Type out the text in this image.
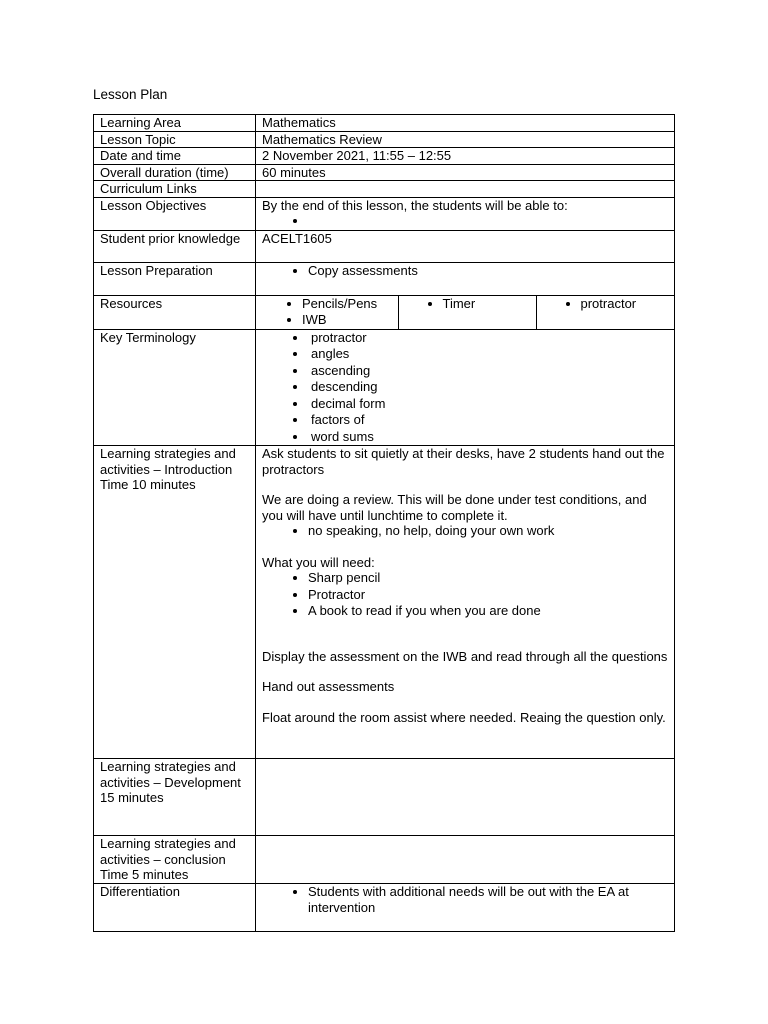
Lesson Plan
Learning Area	Mathematics
Lesson Topic	Mathematics Review
Date and time	2 November 2021, 11:55 – 12:55
Overall duration (time)	60 minutes
Curriculum Links	
Lesson Objectives	By the end of this lesson, the students will be able to:

•

Student prior knowledge	ACELT1605
Lesson Preparation	
•Copy assessments

Resources	
•	Pencils/Pens
• IWB

• Timer

•protractor

Key Terminology	
•protractor
• angles
• ascending
• descending
• decimal form
• factors of
• word sums

Learning strategies and activities – Introduction Time 10 minutes	

Ask students to sit quietly at their desks, have 2 students hand out the protractors

We are doing a review. This will be done under test conditions, and you will have until lunchtime to complete it.

• no speaking, no help, doing your own work

What you will need:

• Sharp pencil
• Protractor
• A book to read if you when you are done

Display the assessment on the IWB and read through all the questions

Hand out assessments

Float around the room assist where needed. Reaing the question only.

Learning strategies and activities – Development 15 minutes	
Learning strategies and activities – conclusion Time 5 minutes	
Differentiation	
•Students with additional needs will be out with the EA at intervention
